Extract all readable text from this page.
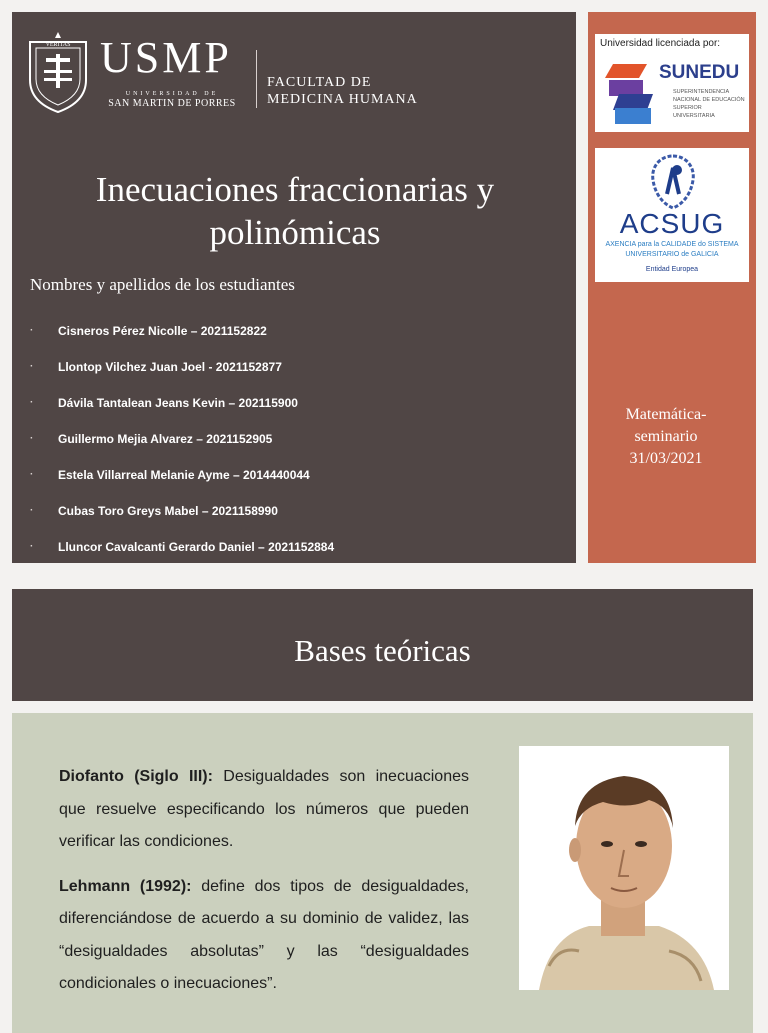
VERITAS USMP
UNIVERSIDAD DE
SAN MARTIN DE PORRES
FACULTAD DE
MEDICINA HUMANA
Inecuaciones fraccionarias y polinómicas
Nombres y apellidos de los estudiantes
·	Cisneros Pérez Nicolle – 2021152822
·	Llontop Vilchez Juan Joel - 2021152877
·	Dávila Tantalean Jeans Kevin – 202115900
·	Guillermo Mejia Alvarez – 2021152905
·	Estela Villarreal Melanie Ayme – 2014440044
·	Cubas Toro Greys Mabel – 2021158990
·	Lluncor Cavalcanti Gerardo Daniel – 2021152884
Universidad licenciada por:
SUNEDU
SUPERINTENDENCIA
NACIONAL DE EDUCACIÓN
SUPERIOR UNIVERSITARIA
ACSUG
AXENCIA para la CALIDADE do SISTEMA
UNIVERSITARIO de GALICIA
Entidad Europea
Matemática-
seminario
31/03/2021
Bases teóricas

Diofanto (Siglo III): Desigualdades son inecuaciones que resuelve especificando los números que pueden verificar las condiciones.

Lehmann (1992): define dos tipos de desigualdades, diferenciándose de acuerdo a su dominio de validez, las “desigualdades absolutas” y las “desigualdades condicionales o inecuaciones”.
